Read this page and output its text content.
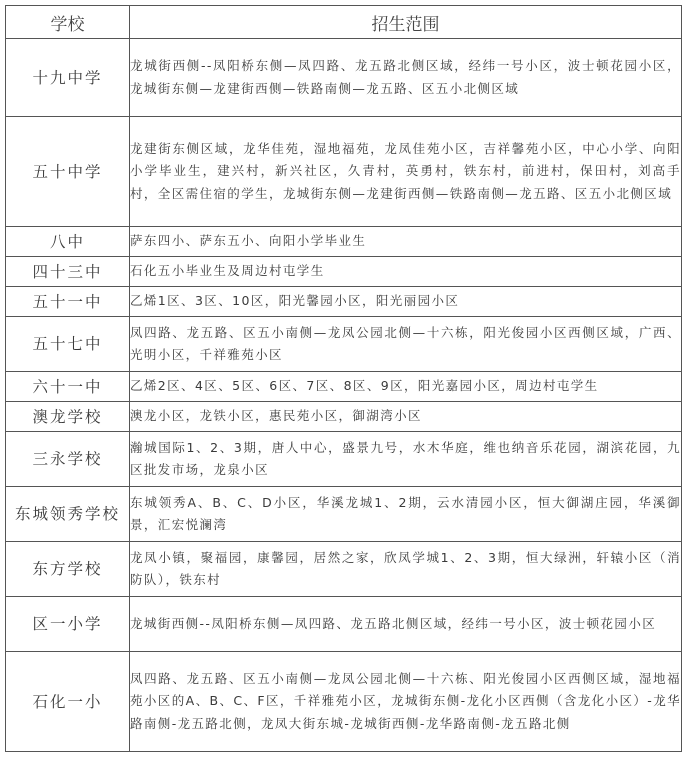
学校	招生范围
十九中学	龙城街西侧--凤阳桥东侧—凤四路、龙五路北侧区域，经纬一号小区，波士顿花园小区，龙城街东侧—龙建街西侧—铁路南侧—龙五路、区五小北侧区域
五十中学	龙建街东侧区域，龙华佳苑，湿地福苑，龙凤佳苑小区，吉祥馨苑小区，中心小学、向阳小学毕业生，建兴村，新兴社区，久青村，英勇村，铁东村，前进村，保田村，刘高手村，全区需住宿的学生，龙城街东侧—龙建街西侧—铁路南侧—龙五路、区五小北侧区域
八中	萨东四小、萨东五小、向阳小学毕业生
四十三中	石化五小毕业生及周边村屯学生
五十一中	乙烯1区、3区、10区，阳光馨园小区，阳光丽园小区
五十七中	凤四路、龙五路、区五小南侧—龙凤公园北侧—十六栋，阳光俊园小区西侧区域，广西、光明小区，千祥雅苑小区
六十一中	乙烯2区、4区、5区、6区、7区、8区、9区，阳光嘉园小区，周边村屯学生
澳龙学校	澳龙小区，龙铁小区，惠民苑小区，御湖湾小区
三永学校	瀚城国际1、2、3期，唐人中心，盛景九号，水木华庭，维也纳音乐花园，湖滨花园，九区批发市场，龙泉小区
东城领秀学校	东城领秀A、B、C、D小区，华溪龙城1、2期，云水清园小区，恒大御湖庄园，华溪御景，汇宏悦澜湾
东方学校	龙凤小镇，聚福园，康馨园，居然之家，欣凤学城1、2、3期，恒大绿洲，轩辕小区（消防队），铁东村
区一小学	龙城街西侧--凤阳桥东侧—凤四路、龙五路北侧区域，经纬一号小区，波士顿花园小区
石化一小	凤四路、龙五路、区五小南侧—龙凤公园北侧—十六栋、阳光俊园小区西侧区域，湿地福苑小区的A、B、C、F区，千祥雅苑小区，龙城街东侧-龙化小区西侧（含龙化小区）-龙华路南侧-龙五路北侧，龙凤大街东城-龙城街西侧-龙华路南侧-龙五路北侧
